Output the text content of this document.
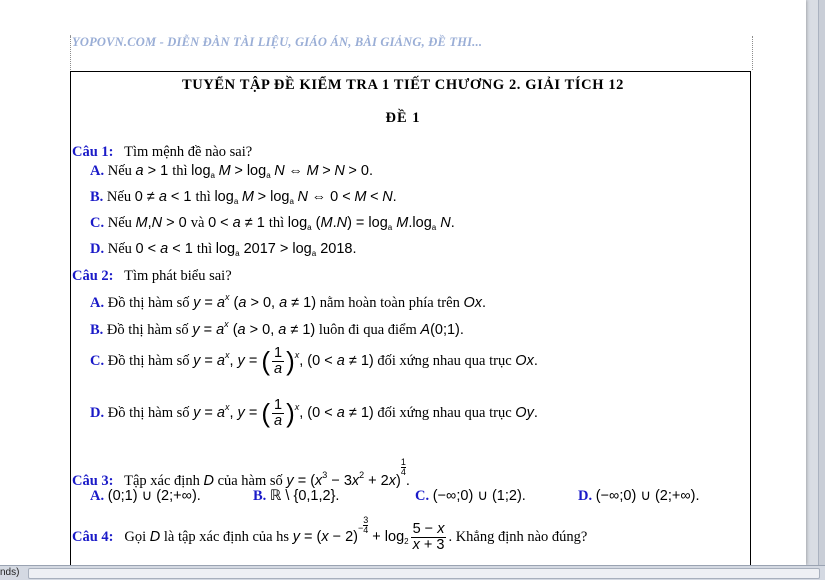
YOPOVN.COM - DIỄN ĐÀN TÀI LIỆU, GIÁO ÁN, BÀI GIẢNG, ĐỀ THI...
TUYỂN TẬP ĐỀ KIỂM TRA 1 TIẾT CHƯƠNG 2. GIẢI TÍCH 12
ĐỀ 1
Câu 1: Tìm mệnh đề nào sai?
A. Nếu a > 1 thì $\log_a M > \log_a N$ ⇔ M > N > 0.
B. Nếu 0 ≠ a < 1 thì $\log_a M > \log_a N$ ⇔ 0 < M < N.
C. Nếu M,N > 0 và 0 < a ≠ 1 thì $\log_a (M.N) = \log_a M.\log_a$ N.
D. Nếu 0 < a < 1 thì $\log_a 2017 > \log_a 2018$.
Câu 2: Tìm phát biểu sai?
A. Đồ thị hàm số $y = a^x$ (a > 0, a ≠ 1) nằm hoàn toàn phía trên Ox.
B. Đồ thị hàm số $y = a^x$ (a > 0, a ≠ 1) luôn đi qua điểm A(0;1).
C. Đồ thị hàm số $y = a^x$, y = ( $\frac{1}{a} )^x$, (0 < a ≠ 1) đối xứng nhau qua trục Ox.
D. Đồ thị hàm số $y = a^x$, y = ( $\frac{1}{a} )^x$, (0 < a ≠ 1) đối xứng nhau qua trục Oy.
Câu 3: Tập xác định D của hàm số $y = (x^3 - 3x^2 + 2x)$
$\frac{1}{4}$
.
A. (0;1) ∪ (2;+∞).	B. ℝ \ {0,1,2}.	C. (−∞;0) ∪ (1;2).	D. (−∞;0) ∪ (2;+∞).
Câu 4: Gọi D là tập xác định của hs y = (x − 2)
− $\frac{3}{4}$
+ $\log_2 \frac{5 - x}{x + 3}$ . Khẳng định nào đúng?
nds)
